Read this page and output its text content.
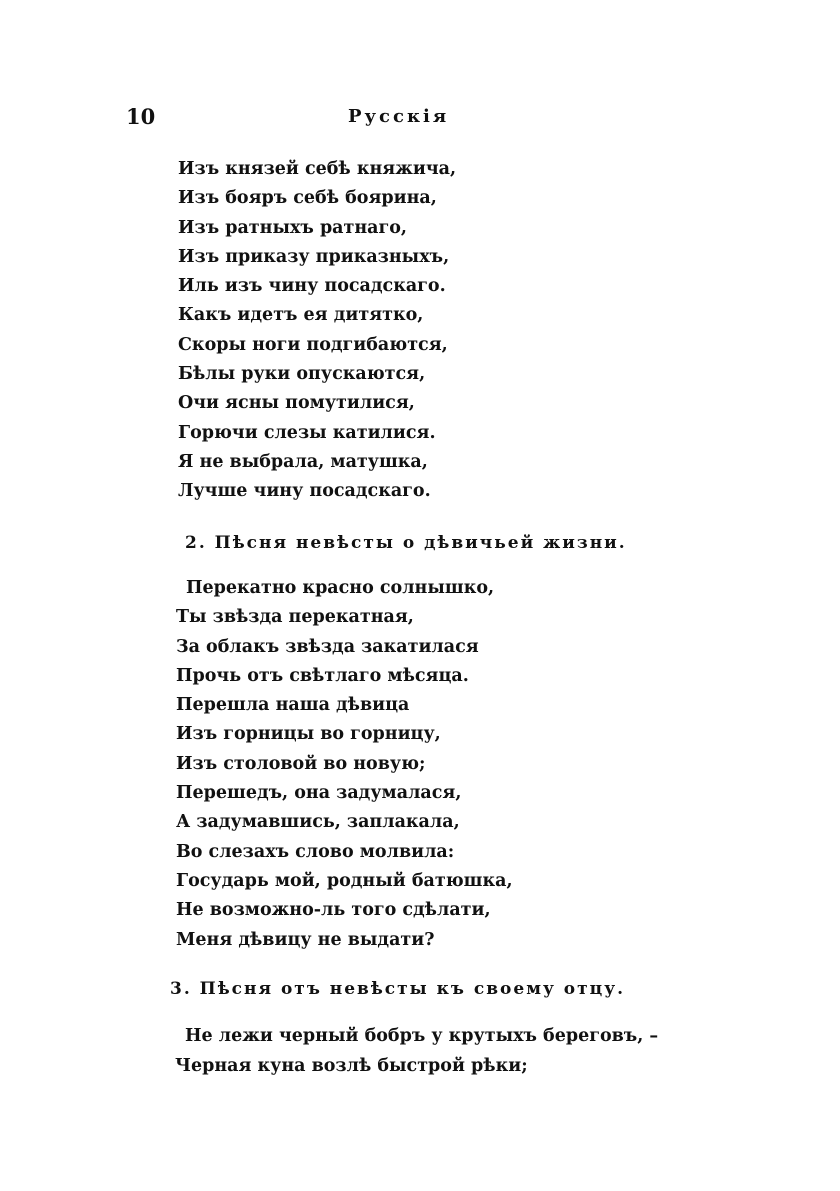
10	Русскія
Изъ князей себѣ княжича,
Изъ бояръ себѣ боярина,
Изъ ратныхъ ратнаго,
Изъ приказу приказныхъ,
Иль изъ чину посадскаго.
Какъ идетъ ея дитятко,
Скоры ноги подгибаются,
Бѣлы руки опускаются,
Очи ясны помутилися,
Горючи слезы катилися.
Я не выбрала, матушка,
Лучше чину посадскаго.
2. Пѣсня невѣсты о дѣвичьей жизни.
Перекатно красно солнышко,
Ты звѣзда перекатная,
За облакъ звѣзда закатилася
Прочь отъ свѣтлаго мѣсяца.
Перешла наша дѣвица
Изъ горницы во горницу,
Изъ столовой во новую;
Перешедъ, она задумалася,
А задумавшись, заплакала,
Во слезахъ слово молвила:
Государь мой, родный батюшка,
Не возможно-ль того сдѣлати,
Меня дѣвицу не выдати?
3. Пѣсня отъ невѣсты къ своему отцу.
Не лежи черный бобръ у крутыхъ береговъ, –
Черная куна возлѣ быстрой рѣки;
